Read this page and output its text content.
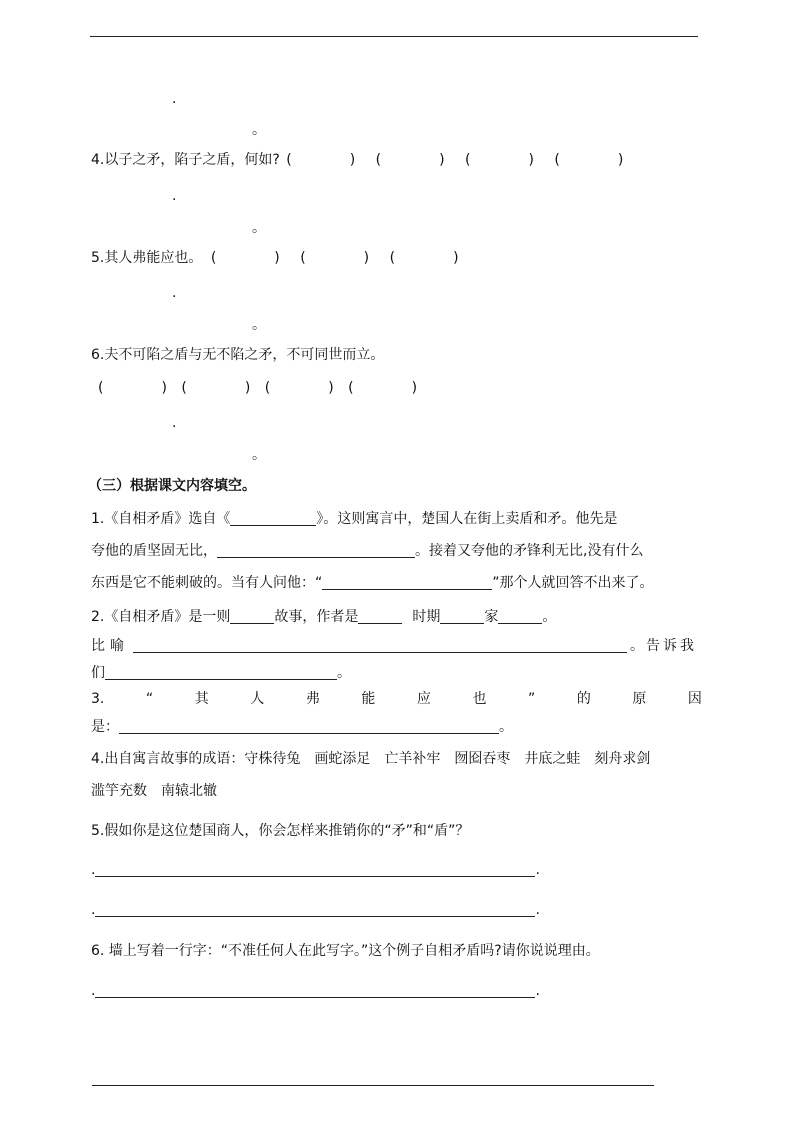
.
。
4.以子之矛，陷子之盾，何如? (	) (	) (	) (	)
.
。
5.其人弗能应也。 (	) (	) (	)
.
。
6.夫不可陷之盾与无不陷之矛，不可同世而立。
(	) (	) (	) (	)
.
。
（三）根据课文内容填空。
1.《自相矛盾》选自《	》。这则寓言中，楚国人在街上卖盾和矛。他先是
夸他的盾坚固无比，	。接着又夸他的矛锋利无比,没有什么
东西是它不能刺破的。当有人问他：“	”那个人就回答不出来了。
2.《自相矛盾》是一则	故事，作者是	时期	家	。
比 喻	。 告 诉 我
们	。
3.	“	其	人	弗	能	应	也	”	的	原	因
是：	。
4.出自寓言故事的成语：守株待兔　画蛇添足　亡羊补牢　囫囵吞枣　井底之蛙　刻舟求剑
滥竽充数　南辕北辙
5.假如你是这位楚国商人，你会怎样来推销你的“矛”和“盾”？
.	.
.	.
6. 墙上写着一行字：“不准任何人在此写字。”这个例子自相矛盾吗?请你说说理由。
.	.
